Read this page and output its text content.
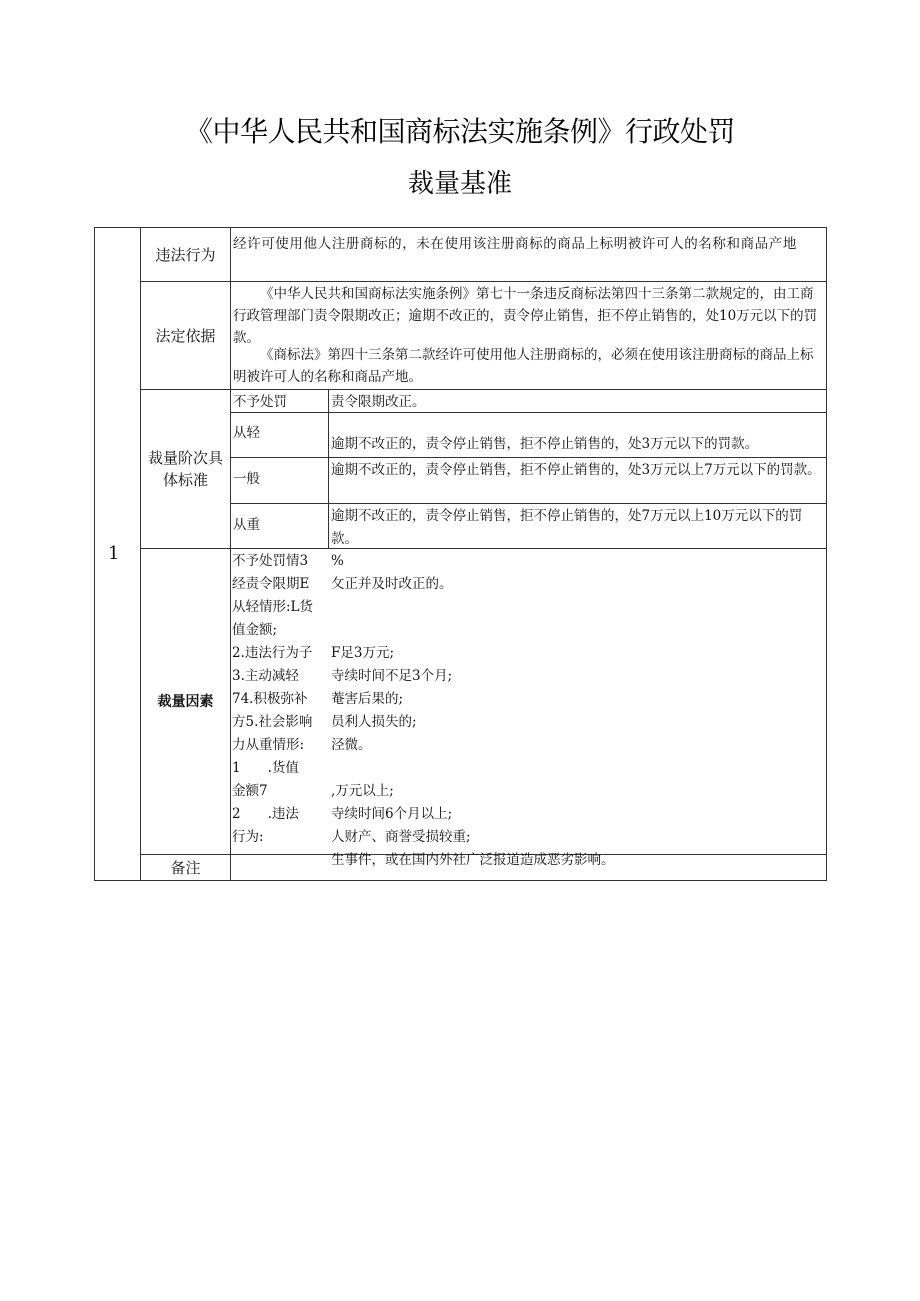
《中华人民共和国商标法实施条例》行政处罚
裁量基准
1
违法行为
经许可使用他人注册商标的，未在使用该注册商标的商品上标明被许可人的名称和商品产地
法定依据
《中华人民共和国商标法实施条例》第七十一条违反商标法第四十三条第二款规定的，由工商行政管理部门责令限期改正；逾期不改正的，责令停止销售，拒不停止销售的，处10万元以下的罚款。
《商标法》第四十三条第二款经许可使用他人注册商标的，必须在使用该注册商标的商品上标明被许可人的名称和商品产地。
裁量阶次具体标准
不予处罚	责令限期改正。
从轻
逾期不改正的，责令停止销售，拒不停止销售的，处3万元以下的罚款。
一般
逾期不改正的，责令停止销售，拒不停止销售的，处3万元以上7万元以下的罚款。
从重
逾期不改正的，责令停止销售，拒不停止销售的，处7万元以上10万元以下的罚款。
裁量因素
不予处罚情3
经责令限期E
从轻情形:L货
值金额;
2.违法行为子
3.主动减轻
74.积极弥补
方5.社会影响
力从重情形:
1　　.货值
金额7
2　　.违法
行为:
%
攵正并及时改正的。
F足3万元;
寺续时间不足3个月;
菴害后果的;
员利人损失的;
泾微。
,万元以上;
寺续时间6个月以上;
人财产、商誉受损较重;
生事件，或在国内外社广泛报道造成恶劣影响。
备注
